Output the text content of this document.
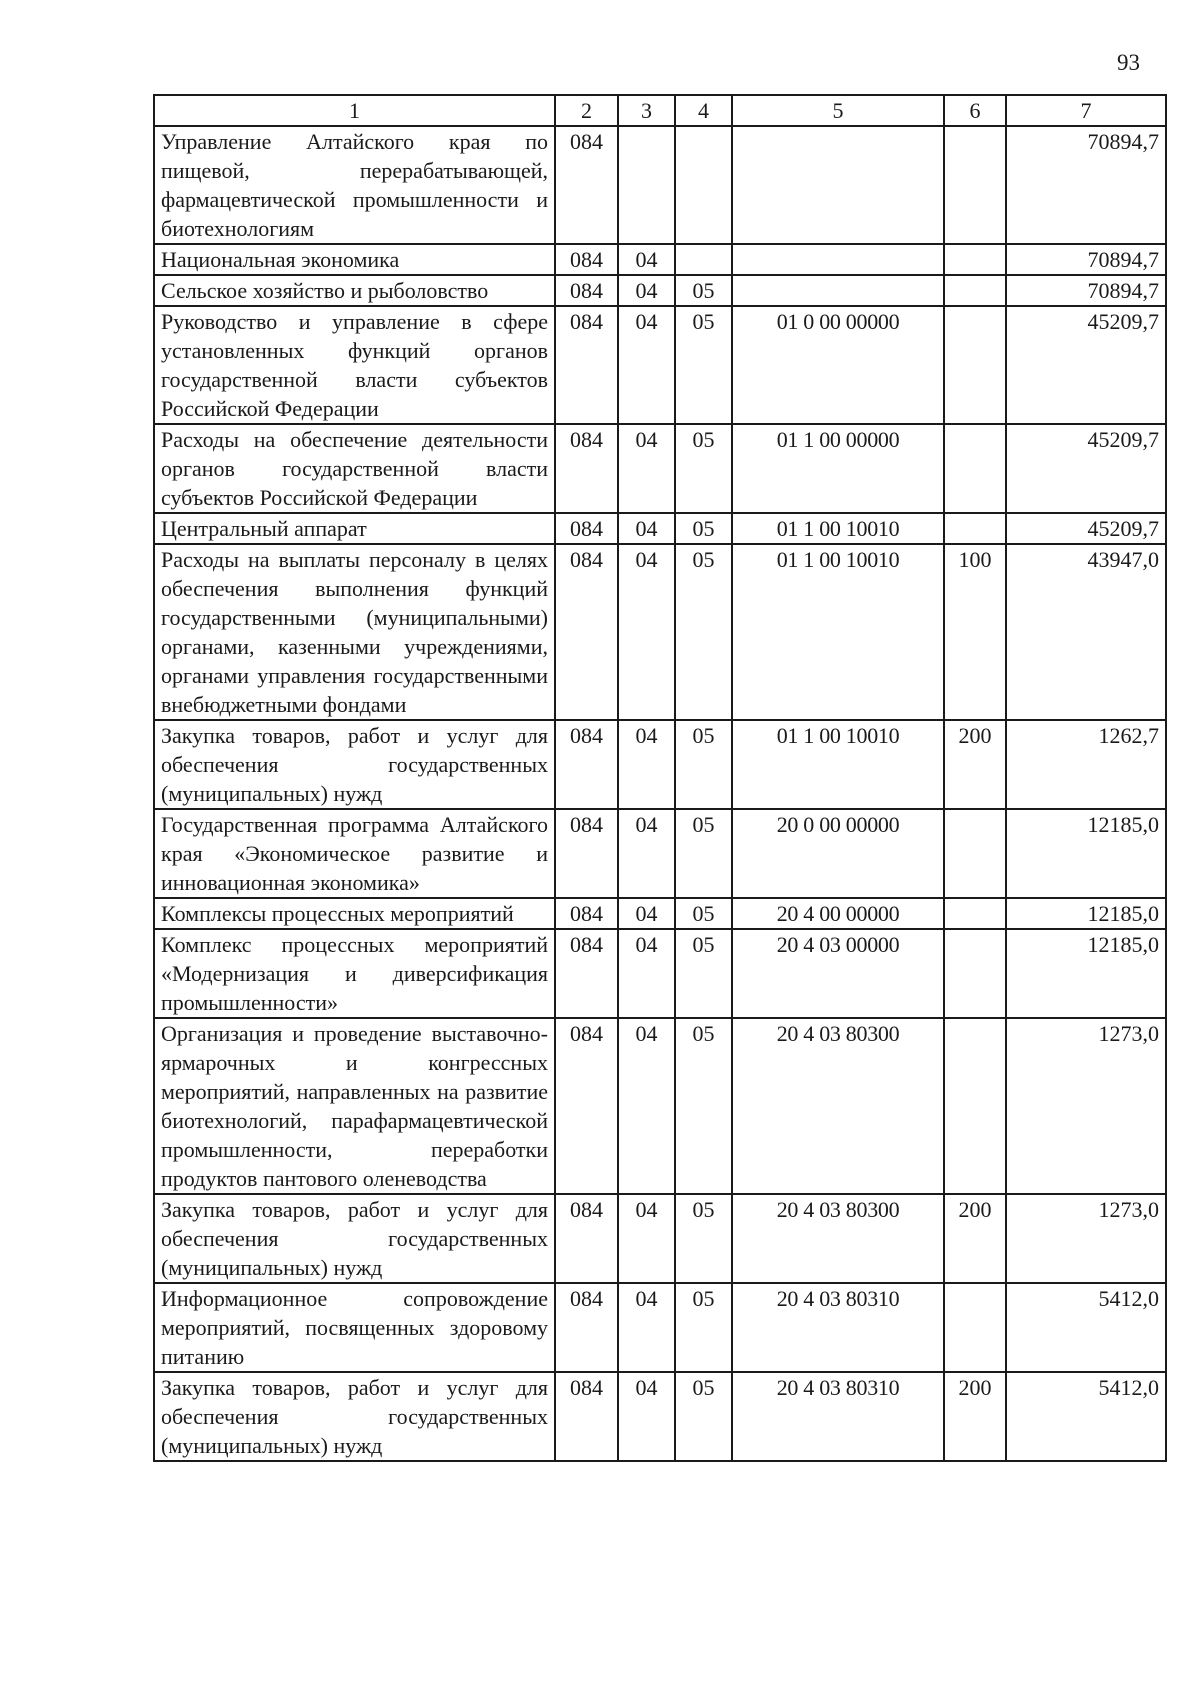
93
1	2	3	4	5	6	7
Управление Алтайского края по пищевой, перерабатывающей, фармацевтической промышленности и биотехнологиям	084					70894,7
Национальная экономика	084	04				70894,7
Сельское хозяйство и рыболовство	084	04	05			70894,7
Руководство и управление в сфере установленных функций органов государственной власти субъектов Российской Федерации	084	04	05	01 0 00 00000		45209,7
Расходы на обеспечение деятельности органов государственной власти субъектов Российской Федерации	084	04	05	01 1 00 00000		45209,7
Центральный аппарат	084	04	05	01 1 00 10010		45209,7
Расходы на выплаты персоналу в целях обеспечения выполнения функций государственными (муниципальными) органами, казенными учреждениями, органами управления государственными внебюджетными фондами	084	04	05	01 1 00 10010	100	43947,0
Закупка товаров, работ и услуг для обеспечения государственных (муниципальных) нужд	084	04	05	01 1 00 10010	200	1262,7
Государственная программа Алтайского края «Экономическое развитие и инновационная экономика»	084	04	05	20 0 00 00000		12185,0
Комплексы процессных мероприятий	084	04	05	20 4 00 00000		12185,0
Комплекс процессных мероприятий «Модернизация и диверсификация промышленности»	084	04	05	20 4 03 00000		12185,0
Организация и проведение выставочно-ярмарочных и конгрессных мероприятий, направленных на развитие биотехнологий, парафармацевтической промышленности, переработки продуктов пантового оленеводства	084	04	05	20 4 03 80300		1273,0
Закупка товаров, работ и услуг для обеспечения государственных (муниципальных) нужд	084	04	05	20 4 03 80300	200	1273,0
Информационное сопровождение мероприятий, посвященных здоровому питанию	084	04	05	20 4 03 80310		5412,0
Закупка товаров, работ и услуг для обеспечения государственных (муниципальных) нужд	084	04	05	20 4 03 80310	200	5412,0
